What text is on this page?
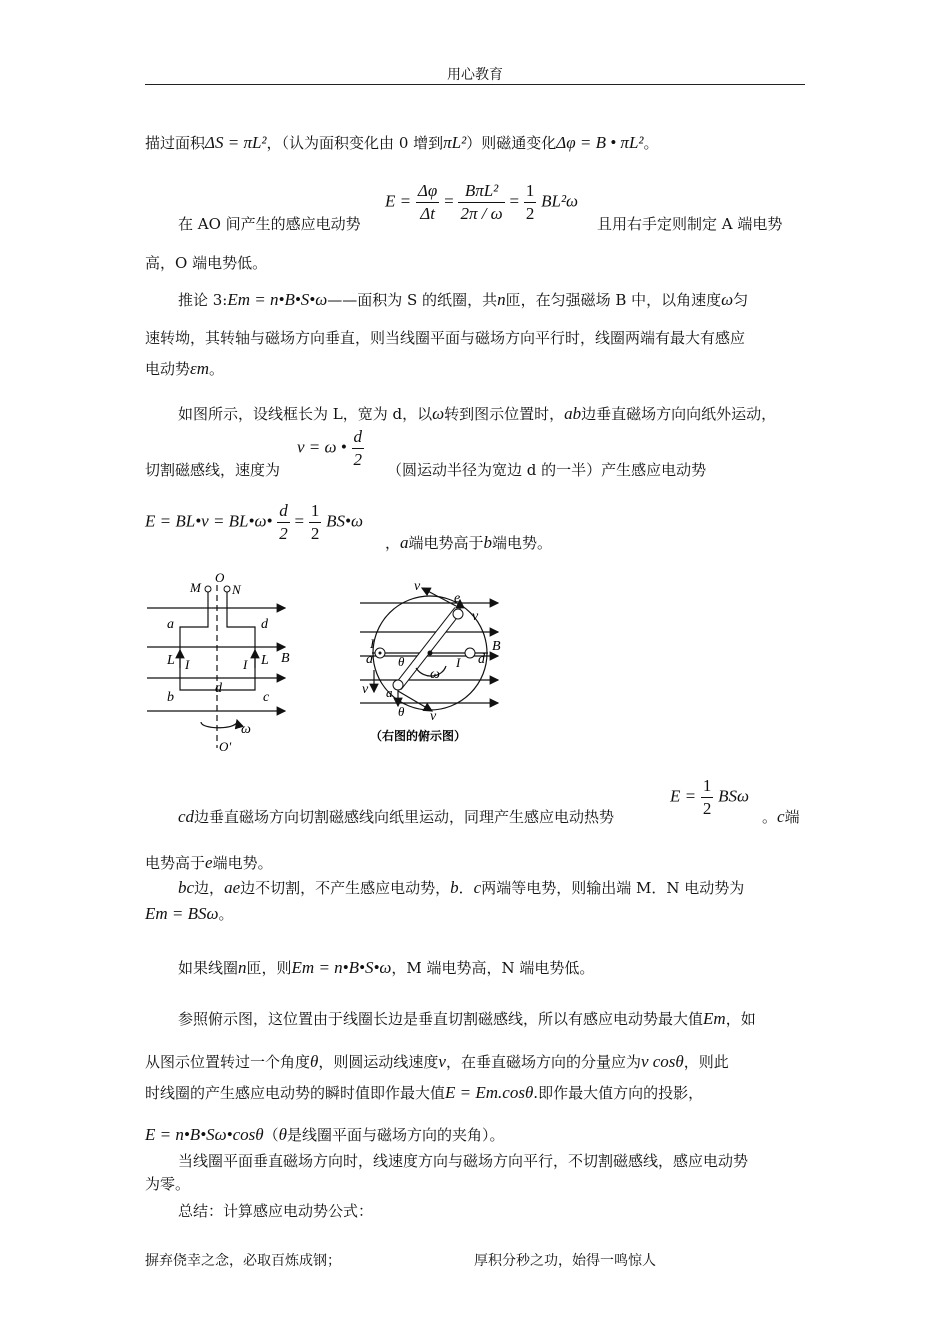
用心教育
描过面积ΔS = πL²，（认为面积变化由 0 增到πL²）则磁通变化Δφ = B • πL²。
$E = \frac{\Delta\varphi}{\Delta t} = \frac{\text{BπL²}}{2\pi / \omega} = \frac{1}{2} BL^2\omega$
在 AO 间产生的感应电动势	且用右手定则制定 A 端电势
高，O 端电势低。
推论 3:Em = n•B•S•ω——面积为 S 的纸圈，共n匝，在匀强磁场 B 中，以角速度ω匀
速转坳，其转轴与磁场方向垂直，则当线圈平面与磁场方向平行时，线圈两端有最大有感应
电动势εm。
如图所示，设线框长为 L，宽为 d，以ω转到图示位置时，ab边垂直磁场方向向纸外运动，
切割磁感线，速度为
v = ω • $\frac{d}{2}$ （圆运动半径为宽边 d 的一半）产生感应电动势
E = BL•v = BL•ω• $\frac{d}{2} = \frac{1}{2}$ BS•ω
，a端电势高于b端电势。
M
O
N
a	d
L I	I L B
b
d
c
ω
O'
v
e
v
I
a θ
ω
I d
B
v a
θ v
（右图的俯示图）
cd边垂直磁场方向切割磁感线向纸里运动，同理产生感应电动热势
$E = \frac{1}{2}$ BSω
。c端
电势高于e端电势。
bc边，ae边不切割，不产生感应电动势，b．c两端等电势，则输出端 M．N 电动势为
Em = BSω。
如果线圈n匝，则Em = n•B•S•ω，M 端电势高，N 端电势低。
参照俯示图，这位置由于线圈长边是垂直切割磁感线，所以有感应电动势最大值Em，如
从图示位置转过一个角度θ，则圆运动线速度v，在垂直磁场方向的分量应为v cosθ，则此
时线圈的产生感应电动势的瞬时值即作最大值E = Em.cosθ.即作最大值方向的投影，
E = n•B•Sω•cosθ（θ是线圈平面与磁场方向的夹角）。
当线圈平面垂直磁场方向时，线速度方向与磁场方向平行，不切割磁感线，感应电动势
为零。
总结：计算感应电动势公式：
摒弃侥幸之念，必取百炼成钢；	厚积分秒之功，始得一鸣惊人
